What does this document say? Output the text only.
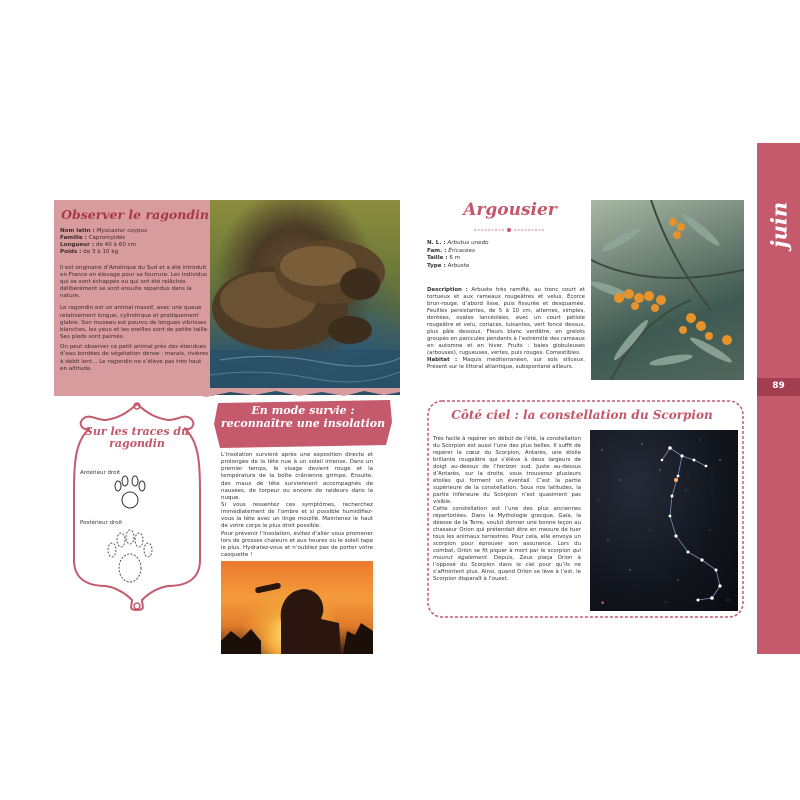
Observer le ragondin
Nom latin : Myocastor coypus
Famille : Capromyidés
Longueur : de 40 à 60 cm
Poids : de 3 à 10 kg

Il est originaire d’Amérique du Sud et a été introduit en France en élevage pour sa fourrure. Les individus qui se sont échappés ou qui ont été relâchés délibérément se sont ensuite répandus dans la nature.

Le ragondin est un animal massif, avec une queue relativement longue, cylindrique et pratiquement glabre. Son museau est pourvu de longues vibrisses blanches, les yeux et les oreilles sont de petite taille. Ses pieds sont palmés.

On peut observer ce petit animal près des étendues d’eau bordées de végétation dense : marais, rivières à débit lent... Le ragondin ne s’élève pas très haut en altitude.

Sur les traces du ragondin
Antérieur droit
Postérieur droit
En mode survie : reconnaître une insolation

L’insolation survient après une exposition directe et prolongée de la tête nue à un soleil intense. Dans un premier temps, le visage devient rouge et la température de la boîte crânienne grimpe. Ensuite, des maux de tête surviennent accompagnés de nausées, de torpeur ou encore de raideurs dans la nuque.

Si vous ressentez ces symptômes, recherchez immédiatement de l’ombre et si possible humidifiez-vous la tête avec un linge mouillé. Maintenez le haut de votre corps le plus droit possible.

Pour prévenir l’insolation, évitez d’aller vous promener lors de grosses chaleurs et aux heures où le soleil tape le plus. Hydratez-vous et n’oubliez pas de porter votre casquette !

Argousier
N. L. : Arbutus unedo
Fam. : Éricacées
Taille : 6 m
Type : Arbuste

Description : Arbuste très ramifié, au tronc court et tortueux et aux rameaux rougeâtres et velus. Écorce brun-rouge, d’abord lisse, puis fissurée et desquamée. Feuilles persistantes, de 5 à 10 cm, alternes, simples, dentées, ovales lancéolées, avec un court pétiole rougeâtre et velu, coriaces, luisantes, vert foncé dessus, plus pâle dessous. Fleurs blanc verdâtre, en grelots groupés en panicules pendants à l’extrémité des rameaux en automne et en hiver. Fruits : baies globuleuses (arbouses), rugueuses, vertes, puis rouges. Comestibles.

Habitat : Maquis méditerranéen, sur sols siliceux. Présent sur le littoral atlantique, subspontané ailleurs.

Côté ciel : la constellation du Scorpion

Très facile à repérer en début de l’été, la constellation du Scorpion est aussi l’une des plus belles. Il suffit de repérer le cœur du Scorpion, Antarès, une étoile brillante rougeâtre qui s’élève à deux largeurs de doigt au-dessus de l’horizon sud. Juste au-dessus d’Antarès, sur la droite, vous trouverez plusieurs étoiles qui forment un éventail. C’est la partie supérieure de la constellation. Sous nos latitudes, la partie inférieure du Scorpion n’est quasiment pas visible.

Cette constellation est l’une des plus anciennes répertoriées. Dans la Mythologie grecque, Gaïa, la déesse de la Terre, voulut donner une bonne leçon au chasseur Orion qui prétendait être en mesure de tuer tous les animaux terrestres. Pour cela, elle envoya un scorpion pour éprouver son assurance. Lors du combat, Orion se fit piquer à mort par le scorpion qui mourut également. Depuis, Zeus plaça Orion à l’opposé du Scorpion dans le ciel pour qu’ils ne s’affrontent plus. Ainsi, quand Orion se lève à l’est, le Scorpion disparaît à l’ouest.

•
juin
89
